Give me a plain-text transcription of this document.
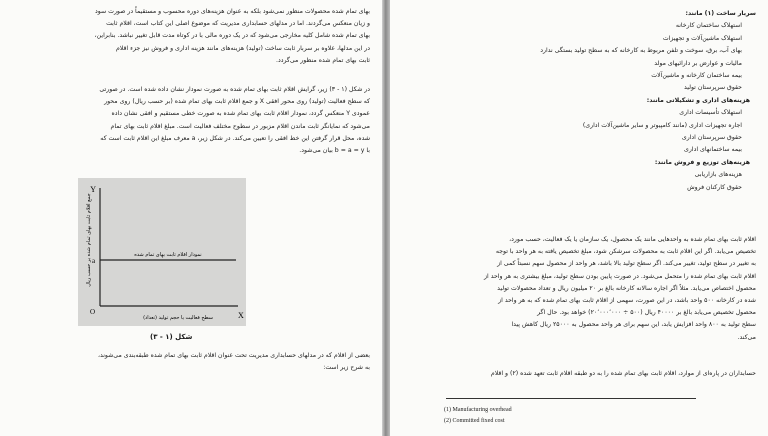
بهای تمام شده محصولات منظور نمی‌شود بلکه به عنوان هزینه‌های دوره محسوب و مستقیماً در صورت سود
و زیان منعکس می‌گردند. اما در مدلهای حسابداری مدیریت که موضوع اصلی این کتاب است، اقلام ثابت
بهای تمام شده شامل کلیه مخارجی می‌شود که در یک دوره مالی با در کوتاه مدت قابل تغییر نباشد. بنابراین،
در این مدلها، علاوه بر سربار ثابت ساخت (تولید) هزینه‌های مانند هزینه اداری و فروش نیز جزء اقلام
ثابت بهای تمام شده منظور می‌گردد.
در شکل (۱ - ۳) زیر، گرایش اقلام ثابت بهای تمام شده به صورت نمودار نشان داده شده است. در صورتی
که سطح فعالیت (تولید) روی محور افقی X و جمع اقلام ثابت بهای تمام شده (بر حسب ریال) روی محور
عمودی Y منعکس گردد، نمودار اقلام ثابت بهای تمام شده به صورت خطی مستقیم و افقی نشان داده
می‌شود که نمایانگر ثابت ماندن اقلام مزبور در سطوح مختلف فعالیت است. مبلغ اقلام ثابت بهای تمام
شده، محل قرار گرفتن این خط افقی را تعیین می‌کند. در شکل زیر، a معرف مبلغ این اقلام ثابت است که
با b = a = y بیان می‌شود.
Y
X
O
a
نمودار اقلام ثابت بهای تمام شده
سطح فعالیت یا حجم تولید (تعداد)
جمع اقلام ثابت بهای تمام شده بر حسب ریال
شکل (۱ - ۳)
بعضی از اقلام که در مدلهای حسابداری مدیریت تحت عنوان اقلام ثابت بهای تمام شده طبقه‌بندی می‌شوند،
به شرح زیر است:
سربار ساخت (۱) مانند:
استهلاک ساختمان کارخانه
استهلاک ماشین‌آلات و تجهیزات
بهای آب، برق، سوخت و تلفن مربوط به کارخانه که به سطح تولید بستگی ندارد
مالیات و عوارض بر دارائیهای مولد
بیمه ساختمان کارخانه و ماشین‌آلات
حقوق سرپرستان تولید
هزینه‌های اداری و تشکیلاتی مانند:
استهلاک تأسیسات اداری
اجاره تجهیزات اداری (مانند کامپیوتر و سایر ماشین‌آلات اداری)
حقوق سرپرستان اداری
بیمه ساختمانهای اداری
هزینه‌های توزیع و فروش مانند:
هزینه‌های بازاریابی
حقوق کارکنان فروش
اقلام ثابت بهای تمام شده به واحدهایی مانند یک محصول، یک سازمان یا یک فعالیت، حسب مورد،
تخصیص می‌یابد. اگر این اقلام ثابت به محصولات سرشکن شود، مبلغ تخصیص یافته به هر واحد با توجه
به تغییر در سطح تولید، تغییر می‌کند. اگر سطح تولید بالا باشد، هر واحد از محصول سهم نسبتاً کمی از
اقلام ثابت بهای تمام شده را متحمل می‌شود. در صورت پایین بودن سطح تولید، مبلغ بیشتری به هر واحد از
محصول اختصاص می‌یابد. مثلاً اگر اجاره سالانه کارخانه بالغ بر ۲۰ میلیون ریال و تعداد محصولات تولید
شده در کارخانه ۵۰۰ واحد باشد، در این صورت، سهمی از اقلام ثابت بهای تمام شده که به هر واحد از
محصول تخصیص می‌یابد بالغ بر ۴۰۰۰۰ ریال (۵۰۰ ÷ ۲۰٬۰۰۰٬۰۰۰) خواهد بود. حال اگر
سطح تولید به ۸۰۰ واحد افزایش یابد، این سهم برای هر واحد محصول به ۲۵۰۰۰ ریال کاهش پیدا
می‌کند.
حسابداران در پاره‌ای از موارد، اقلام ثابت بهای تمام شده را به دو طبقه اقلام ثابت تعهد شده (۲) و اقلام
(1) Manufacturing overhead
(2) Committed fixed cost
